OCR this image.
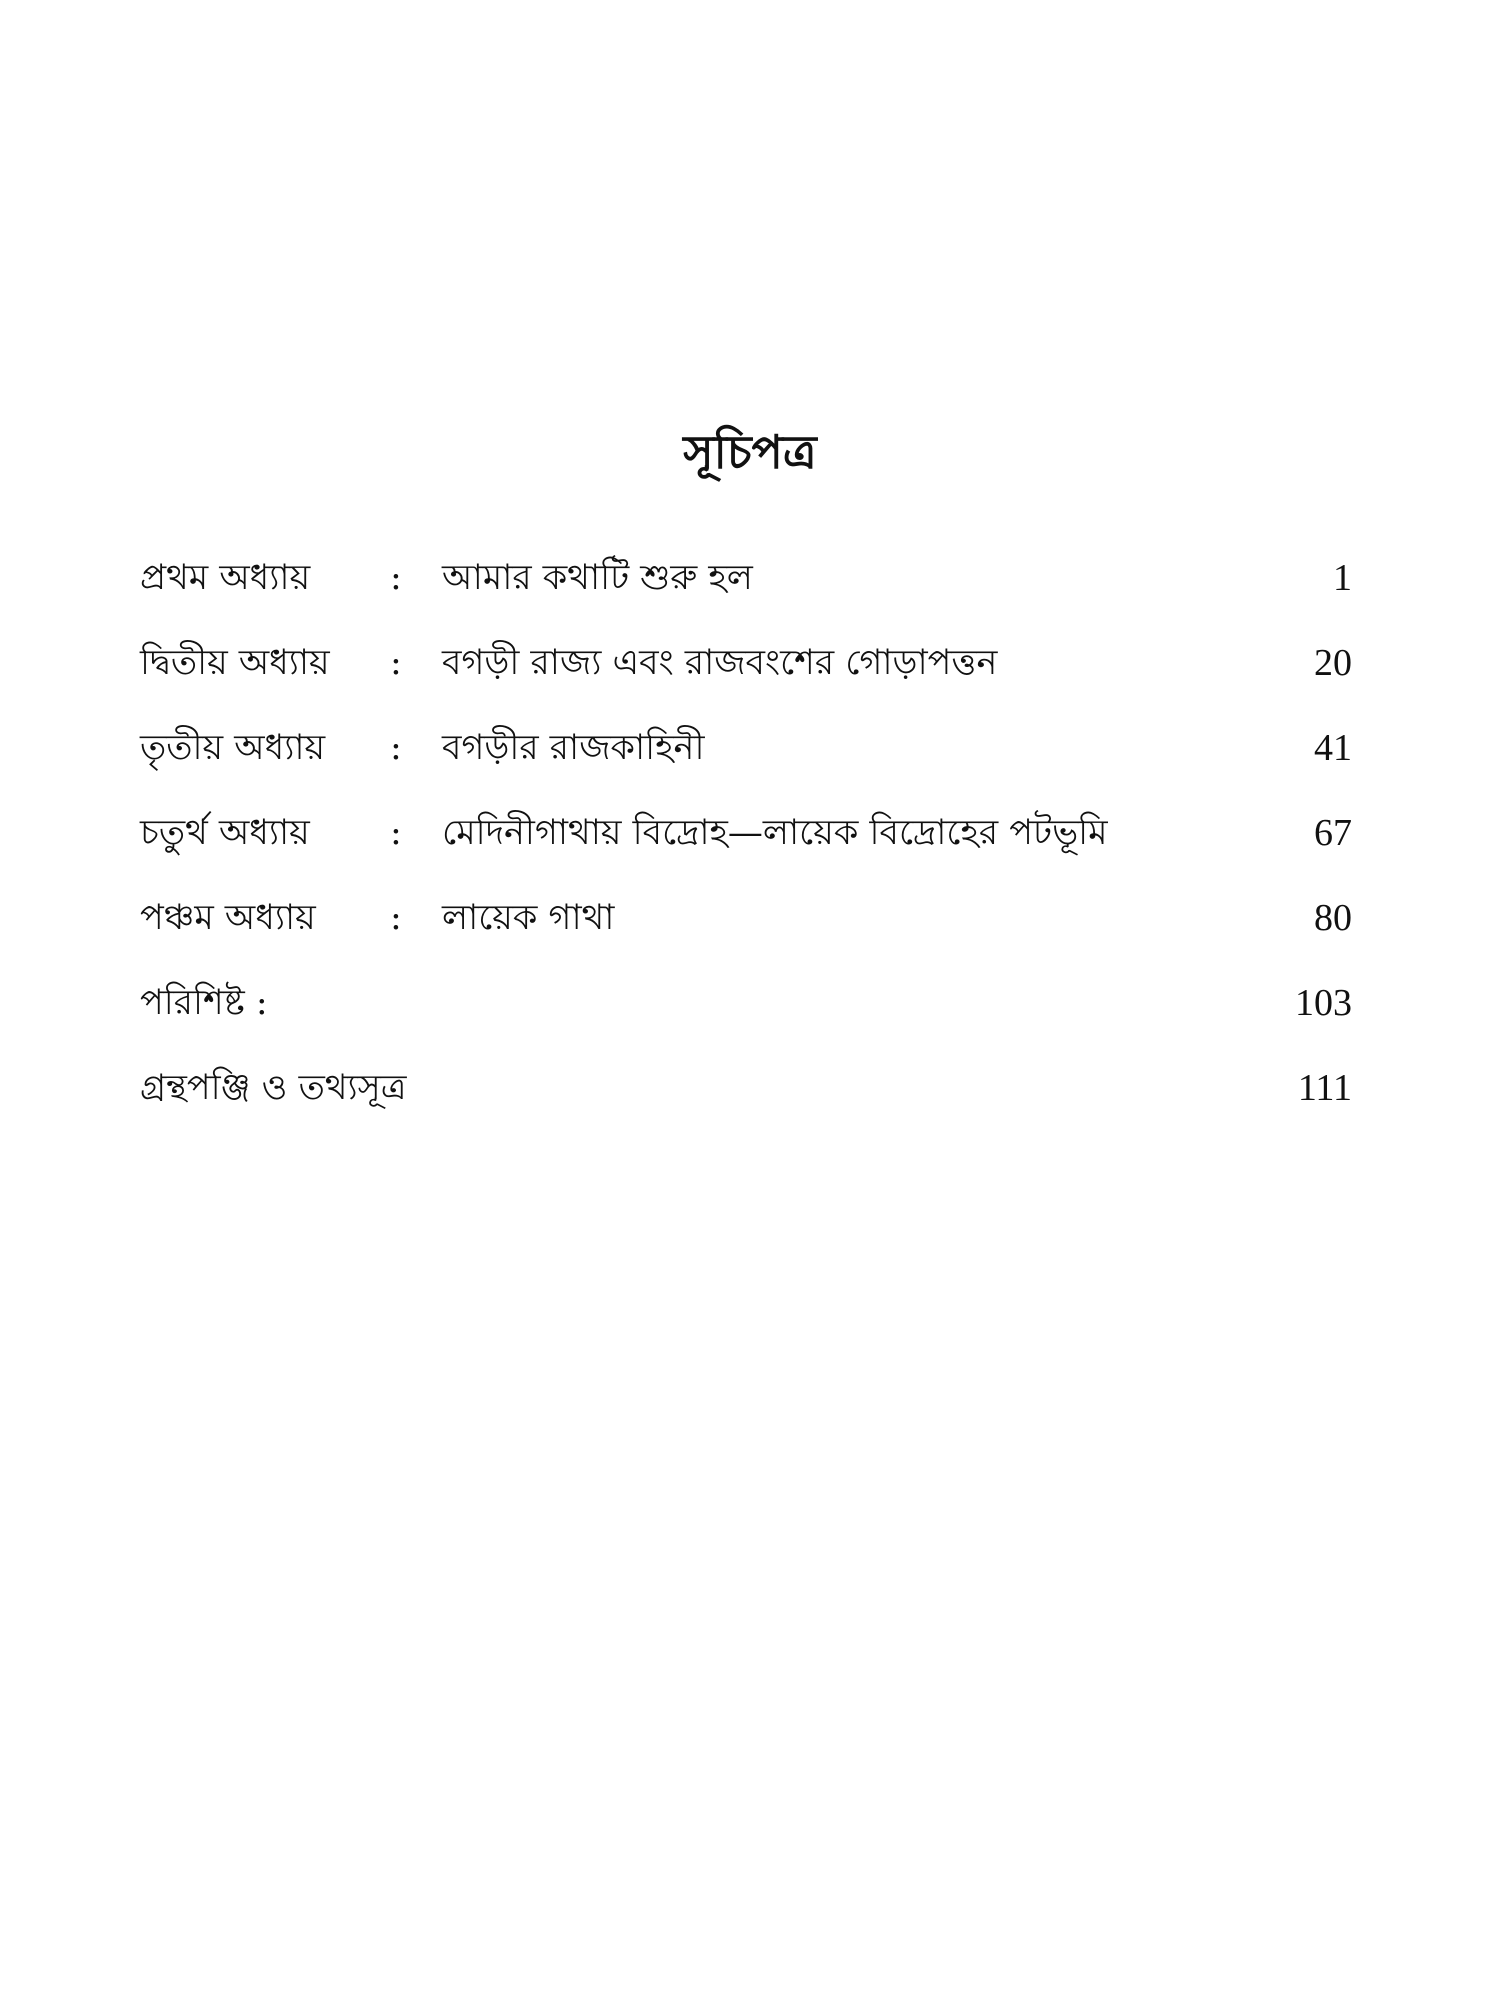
সূচিপত্র
প্রথম অধ্যায় : আমার কথাটি শুরু হল	1
দ্বিতীয় অধ্যায় : বগড়ী রাজ্য এবং রাজবংশের গোড়াপত্তন	20
তৃতীয় অধ্যায় : বগড়ীর রাজকাহিনী	41
চতুর্থ অধ্যায় : মেদিনীগাথায় বিদ্রোহ—লায়েক বিদ্রোহের পটভূমি	67
পঞ্চম অধ্যায় : লায়েক গাথা	80
পরিশিষ্ট :	103
গ্রন্থপঞ্জি ও তথ্যসূত্র	111
